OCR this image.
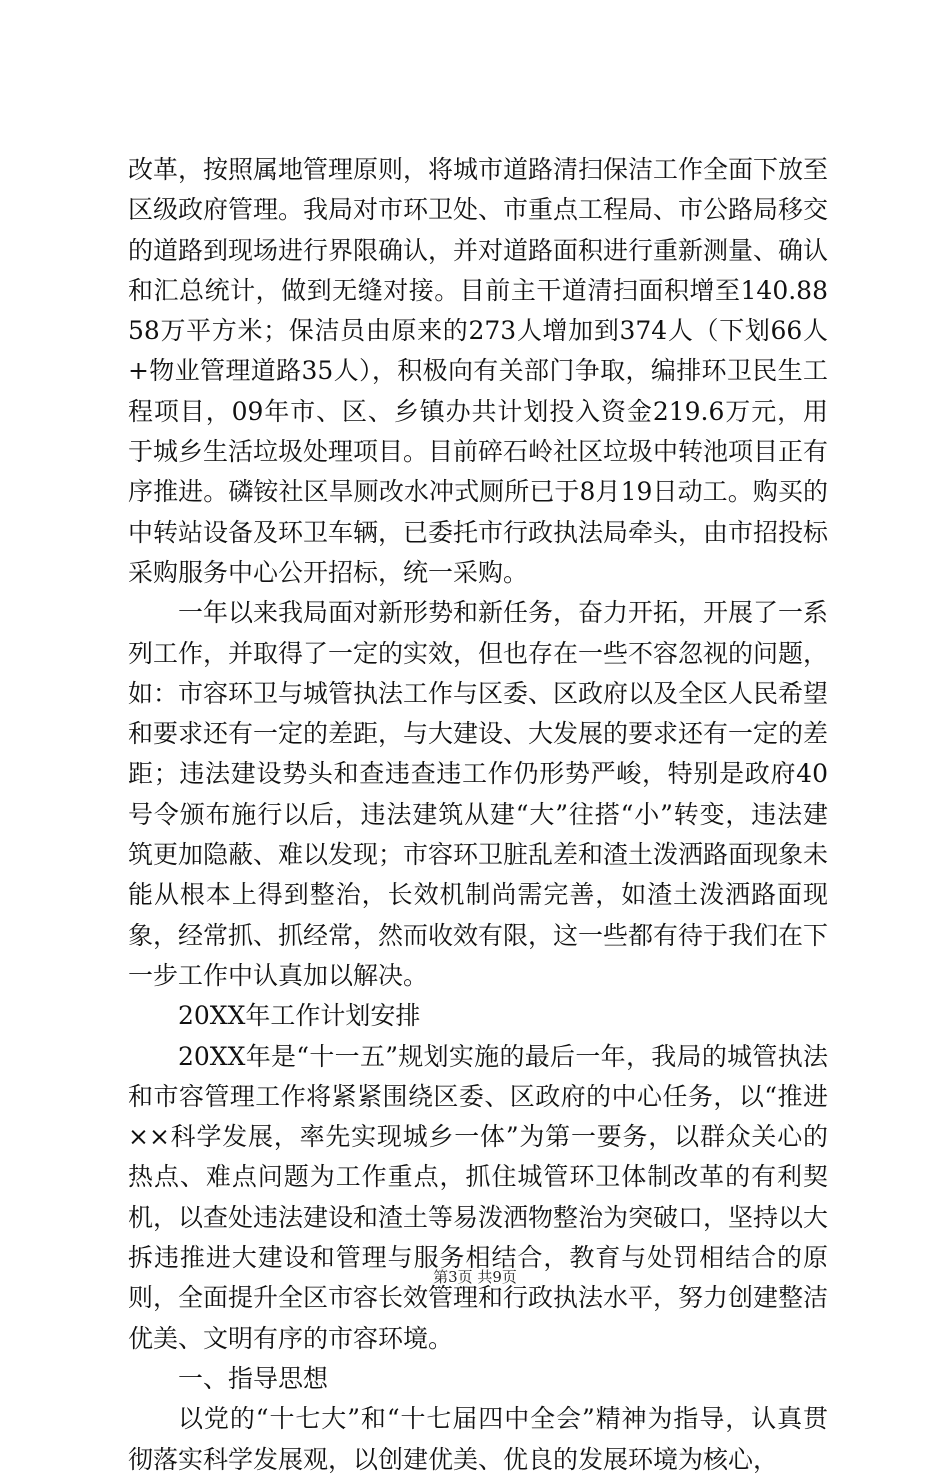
改革，按照属地管理原则，将城市道路清扫保洁工作全面下放至区级政府管理。我局对市环卫处、市重点工程局、市公路局移交的道路到现场进行界限确认，并对道路面积进行重新测量、确认和汇总统计，做到无缝对接。目前主干道清扫面积增至140.8858万平方米；保洁员由原来的273人增加到374人（下划66人+物业管理道路35人），积极向有关部门争取，编排环卫民生工程项目，09年市、区、乡镇办共计划投入资金219.6万元，用于城乡生活垃圾处理项目。目前碎石岭社区垃圾中转池项目正有序推进。磷铵社区旱厕改水冲式厕所已于8月19日动工。购买的中转站设备及环卫车辆，已委托市行政执法局牵头，由市招投标采购服务中心公开招标，统一采购。

一年以来我局面对新形势和新任务，奋力开拓，开展了一系列工作，并取得了一定的实效，但也存在一些不容忽视的问题，如：市容环卫与城管执法工作与区委、区政府以及全区人民希望和要求还有一定的差距，与大建设、大发展的要求还有一定的差距；违法建设势头和查违查违工作仍形势严峻，特别是政府40号令颁布施行以后，违法建筑从建“大”往搭“小”转变，违法建筑更加隐蔽、难以发现；市容环卫脏乱差和渣土泼洒路面现象未能从根本上得到整治，长效机制尚需完善，如渣土泼洒路面现象，经常抓、抓经常，然而收效有限，这一些都有待于我们在下一步工作中认真加以解决。

20XX年工作计划安排

20XX年是“十一五”规划实施的最后一年，我局的城管执法和市容管理工作将紧紧围绕区委、区政府的中心任务，以“推进××科学发展，率先实现城乡一体”为第一要务，以群众关心的热点、难点问题为工作重点，抓住城管环卫体制改革的有利契机，以查处违法建设和渣土等易泼洒物整治为突破口，坚持以大拆违推进大建设和管理与服务相结合，教育与处罚相结合的原则，全面提升全区市容长效管理和行政执法水平，努力创建整洁优美、文明有序的市容环境。

一、指导思想

以党的“十七大”和“十七届四中全会”精神为指导，认真贯彻落实科学发展观，以创建优美、优良的发展环境为核心，

第3页 共9页
